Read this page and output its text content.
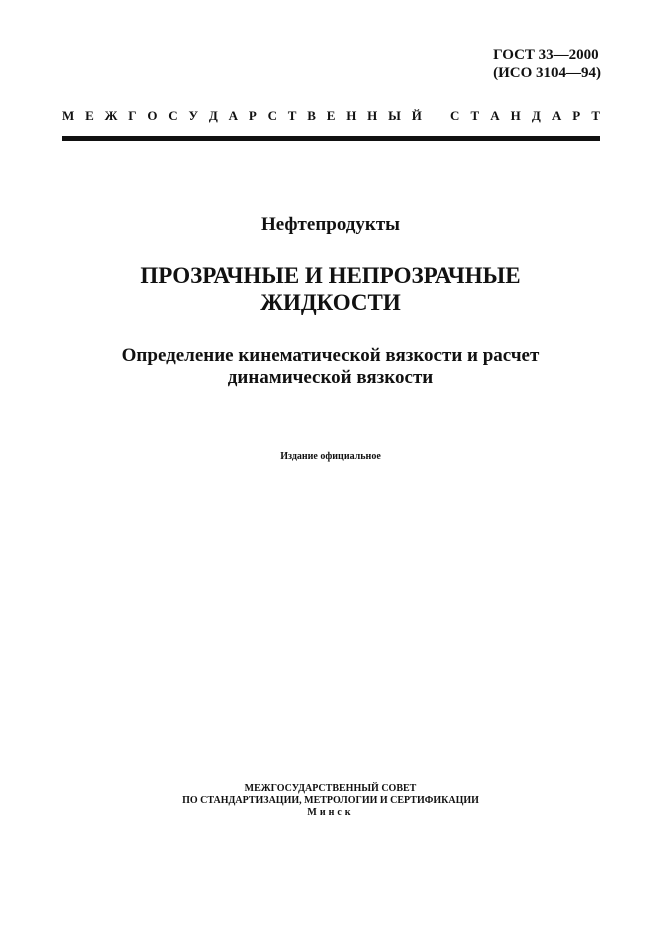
ГОСТ 33—2000
(ИСО 3104—94)
М Е Ж Г О С У Д А Р С Т В Е Н Н Ы Й С Т А Н Д А Р Т
Нефтепродукты
ПРОЗРАЧНЫЕ И НЕПРОЗРАЧНЫЕ
ЖИДКОСТИ
Определение кинематической вязкости и расчет
динамической вязкости
Издание официальное
МЕЖГОСУДАРСТВЕННЫЙ СОВЕТ
ПО СТАНДАРТИЗАЦИИ, МЕТРОЛОГИИ И СЕРТИФИКАЦИИ
Минск
